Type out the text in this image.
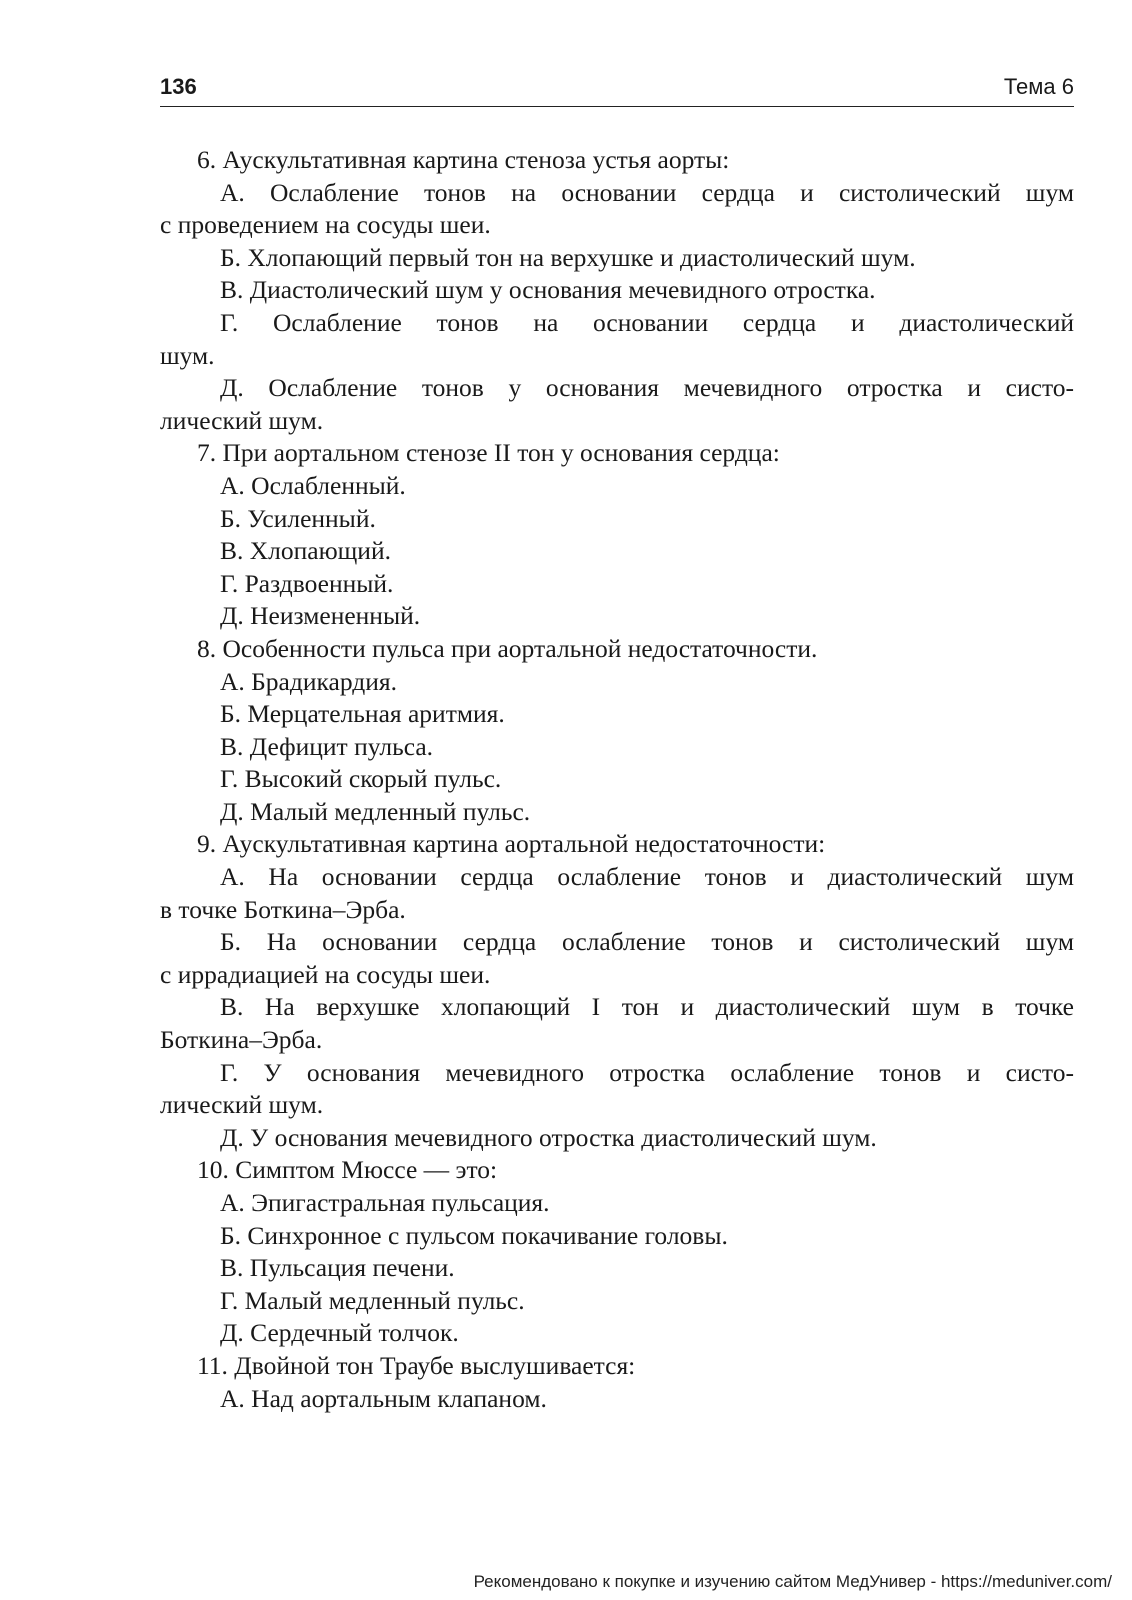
136	Тема 6
6. Аускультативная картина стеноза устья аорты:
А. Ослабление тонов на основании сердца и систолический шум
с проведением на сосуды шеи.
Б. Хлопающий первый тон на верхушке и диастолический шум.
В. Диастолический шум у основания мечевидного отростка.
Г. Ослабление тонов на основании сердца и диастолический
шум.
Д. Ослабление тонов у основания мечевидного отростка и систо-
лический шум.
7. При аортальном стенозе II тон у основания сердца:
А. Ослабленный.
Б. Усиленный.
В. Хлопающий.
Г. Раздвоенный.
Д. Неизмененный.
8. Особенности пульса при аортальной недостаточности.
А. Брадикардия.
Б. Мерцательная аритмия.
В. Дефицит пульса.
Г. Высокий скорый пульс.
Д. Малый медленный пульс.
9. Аускультативная картина аортальной недостаточности:
А. На основании сердца ослабление тонов и диастолический шум
в точке Боткина–Эрба.
Б. На основании сердца ослабление тонов и систолический шум
с иррадиацией на сосуды шеи.
В. На верхушке хлопающий I тон и диастолический шум в точке
Боткина–Эрба.
Г. У основания мечевидного отростка ослабление тонов и систо-
лический шум.
Д. У основания мечевидного отростка диастолический шум.
10. Симптом Мюссе — это:
А. Эпигастральная пульсация.
Б. Синхронное с пульсом покачивание головы.
В. Пульсация печени.
Г. Малый медленный пульс.
Д. Сердечный толчок.
11. Двойной тон Траубе выслушивается:
А. Над аортальным клапаном.
Рекомендовано к покупке и изучению сайтом МедУнивер - https://meduniver.com/
